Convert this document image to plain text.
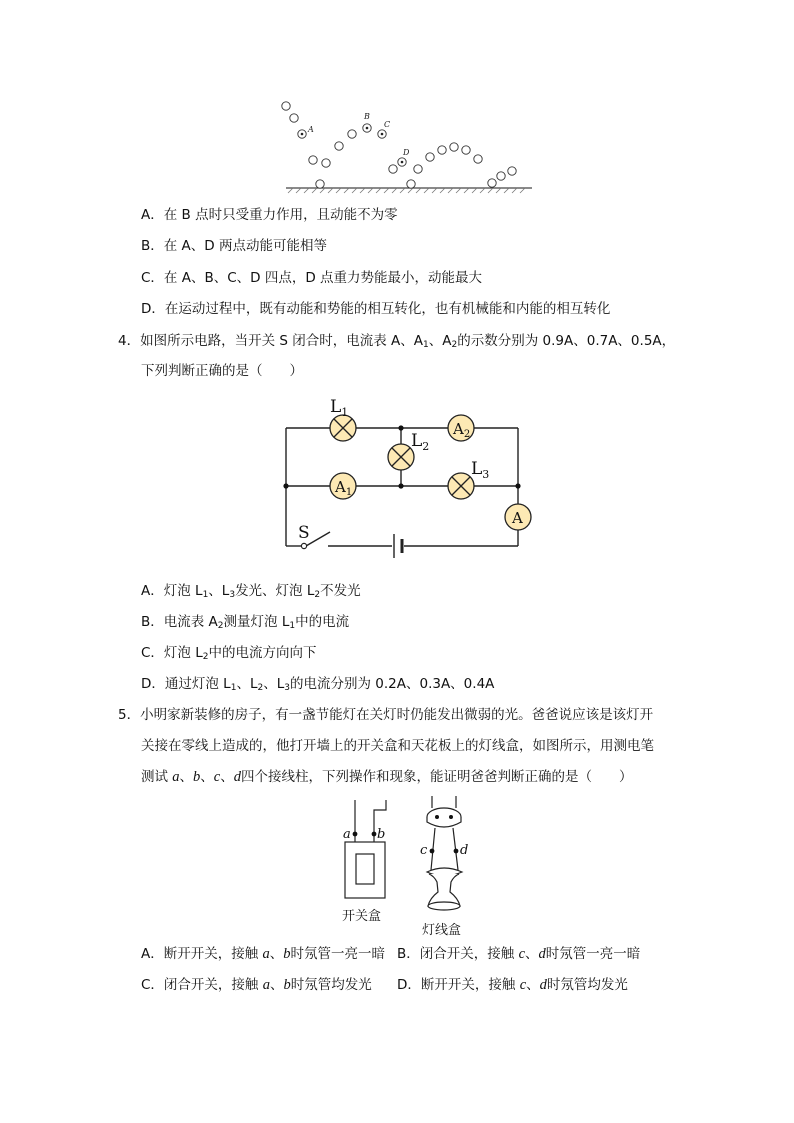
A
B
C
D
A．在 B 点时只受重力作用，且动能不为零
B．在 A、D 两点动能可能相等
C．在 A、B、C、D 四点，D 点重力势能最小，动能最大
D．在运动过程中，既有动能和势能的相互转化，也有机械能和内能的相互转化
4．如图所示电路，当开关 S 闭合时，电流表 A、$A_1$、$A_2$的示数分别为 0.9A、0.7A、0.5A，
下列判断正确的是（　　）
$A_2$
$A_1$
A
$L_1$
$L_2$
$L_3$
S
A．灯泡 $L_1$、$L_3$发光、灯泡 $L_2$不发光
B．电流表 $A_2$测量灯泡 $L_1$中的电流
C．灯泡 $L_2$中的电流方向向下
D．通过灯泡 $L_1$、$L_2$、$L_3$的电流分别为 0.2A、0.3A、0.4A
5．小明家新装修的房子，有一盏节能灯在关灯时仍能发出微弱的光。爸爸说应该是该灯开
关接在零线上造成的，他打开墙上的开关盒和天花板上的灯线盒，如图所示，用测电笔
测试 a、b、c、d四个接线柱，下列操作和现象，能证明爸爸判断正确的是（　　）
a b
c	d
开关盒
灯线盒
A．断开开关，接触 a、b时氖管一亮一暗 B．闭合开关，接触 c、d时氖管一亮一暗
C．闭合开关，接触 a、b时氖管均发光 D．断开开关，接触 c、d时氖管均发光
